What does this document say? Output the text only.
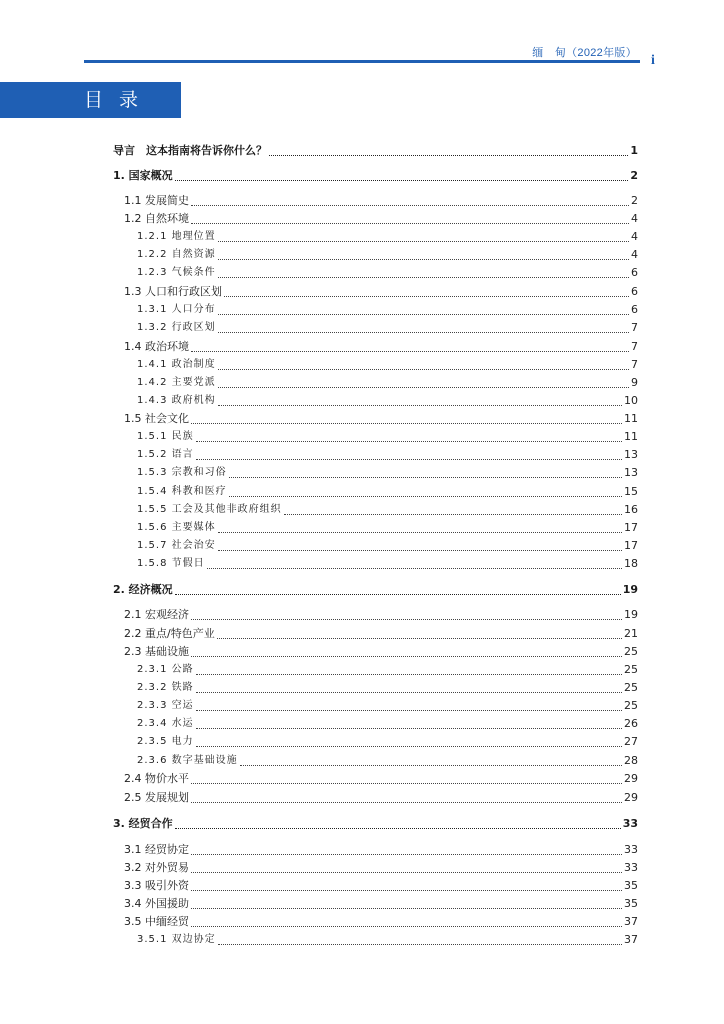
缅　甸（2022年版） i
目录
导言　这本指南将告诉你什么？	1
1. 国家概况	2
1.1 发展简史	2
1.2 自然环境	4
1.2.1 地理位置	4
1.2.2 自然资源	4
1.2.3 气候条件	6
1.3 人口和行政区划	6
1.3.1 人口分布	6
1.3.2 行政区划	7
1.4 政治环境	7
1.4.1 政治制度	7
1.4.2 主要党派	9
1.4.3 政府机构	10
1.5 社会文化	11
1.5.1 民族	11
1.5.2 语言	13
1.5.3 宗教和习俗	13
1.5.4 科教和医疗	15
1.5.5 工会及其他非政府组织	16
1.5.6 主要媒体	17
1.5.7 社会治安	17
1.5.8 节假日	18
2. 经济概况	19
2.1 宏观经济	19
2.2 重点/特色产业	21
2.3 基础设施	25
2.3.1 公路	25
2.3.2 铁路	25
2.3.3 空运	25
2.3.4 水运	26
2.3.5 电力	27
2.3.6 数字基础设施	28
2.4 物价水平	29
2.5 发展规划	29
3. 经贸合作	33
3.1 经贸协定	33
3.2 对外贸易	33
3.3 吸引外资	35
3.4 外国援助	35
3.5 中缅经贸	37
3.5.1 双边协定	37
